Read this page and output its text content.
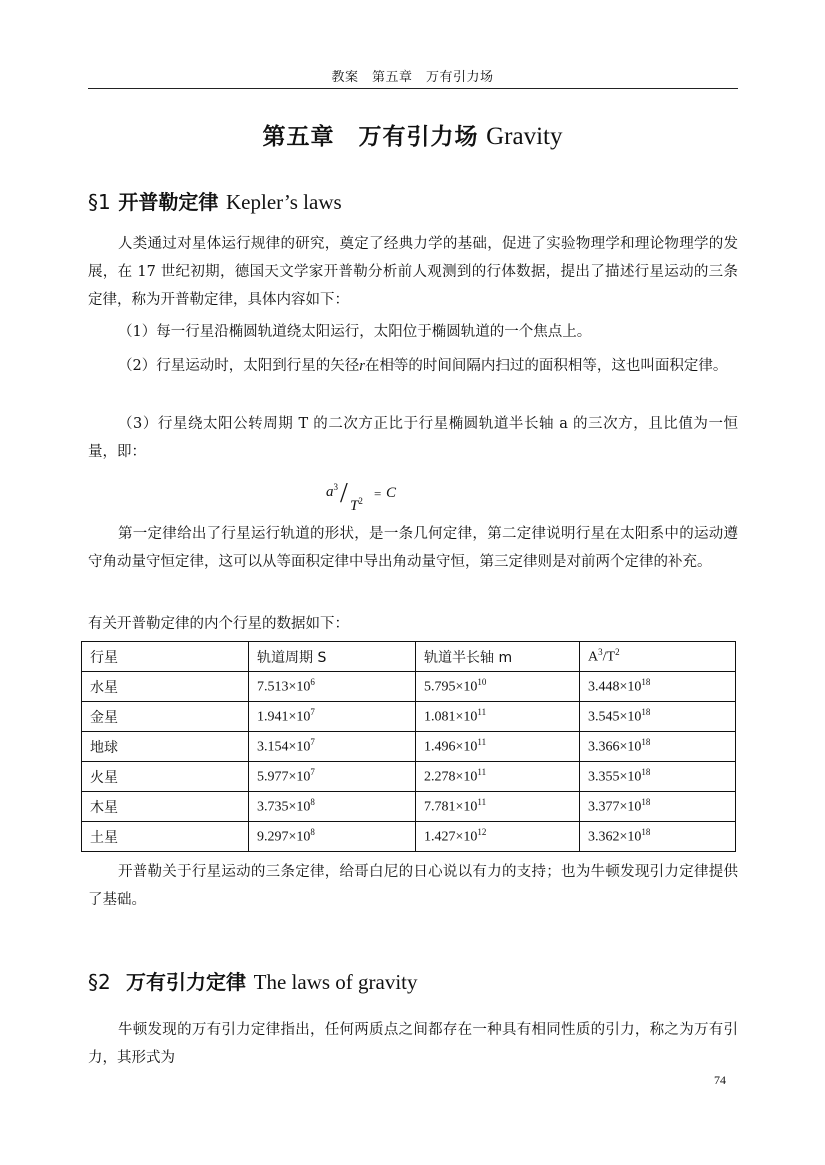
教案　第五章　万有引力场
第五章　万有引力场 Gravity
§1 开普勒定律 Kepler’s laws

人类通过对星体运行规律的研究，奠定了经典力学的基础，促进了实验物理学和理论物理学的发展，在 17 世纪初期，德国天文学家开普勒分析前人观测到的行体数据，提出了描述行星运动的三条定律，称为开普勒定律，具体内容如下：

（1）每一行星沿椭圆轨道绕太阳运行，太阳位于椭圆轨道的一个焦点上。

（2）行星运动时，太阳到行星的矢径→ r在相等的时间间隔内扫过的面积相等，这也叫面积定律。

（3）行星绕太阳公转周期 T 的二次方正比于行星椭圆轨道半长轴 a 的三次方，且比值为一恒量，即：

$a^3 / T^2 = C$

第一定律给出了行星运行轨道的形状，是一条几何定律，第二定律说明行星在太阳系中的运动遵守角动量守恒定律，这可以从等面积定律中导出角动量守恒，第三定律则是对前两个定律的补充。

有关开普勒定律的内个行星的数据如下：

行星	轨道周期 S	轨道半长轴 m	$A^3/T^2$
水星	$7.513\times 10^6$	$5.795\times 10^{10}$	$3.448\times 10^{18}$
金星	$1.941\times 10^7$	$1.081\times 10^{11}$	$3.545\times 10^{18}$
地球	$3.154\times 10^7$	$1.496\times 10^{11}$	$3.366\times 10^{18}$
火星	$5.977\times 10^7$	$2.278\times 10^{11}$	$3.355\times 10^{18}$
木星	$3.735\times 10^8$	$7.781\times 10^{11}$	$3.377\times 10^{18}$
土星	$9.297\times 10^8$	$1.427\times 10^{12}$	$3.362\times 10^{18}$

开普勒关于行星运动的三条定律，给哥白尼的日心说以有力的支持；也为牛顿发现引力定律提供了基础。

§2 万有引力定律 The laws of gravity

牛顿发现的万有引力定律指出，任何两质点之间都存在一种具有相同性质的引力，称之为万有引力，其形式为

74
